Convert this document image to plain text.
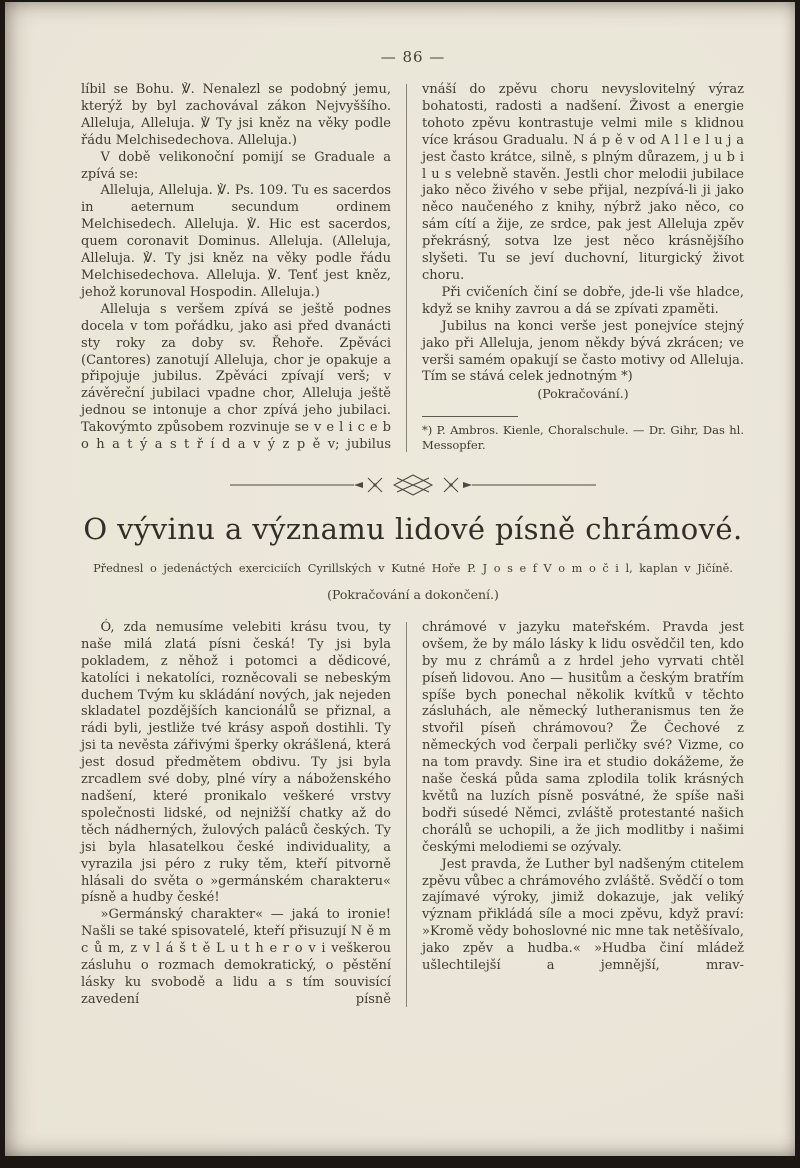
— 86 —

líbil se Bohu. ℣. Nenalezl se podobný jemu, kterýž by byl zachovával zákon Nejvyššího. Alleluja, Alleluja. ℣ Ty jsi kněz na věky podle řádu Melchisedechova. Alleluja.)

V době velikonoční pomijí se Graduale a zpívá se:

Alleluja, Alleluja. ℣. Ps. 109. Tu es sacerdos in aeternum secundum ordinem Melchisedech. Alleluja. ℣. Hic est sacerdos, quem coronavit Dominus. Alleluja. (Alleluja, Alleluja. ℣. Ty jsi kněz na věky podle řádu Melchisedechova. Alleluja. ℣. Tenť jest kněz, jehož korunoval Hospodin. Alleluja.)

Alleluja s veršem zpívá se ještě podnes docela v tom pořádku, jako asi před dvanácti sty roky za doby sv. Řehoře. Zpěváci (Cantores) zanotují Alleluja, chor je opakuje a připojuje jubilus. Zpěváci zpívají verš; v závěreční jubilaci vpadne chor, Alleluja ještě jednou se intonuje a chor zpívá jeho jubilaci. Takovýmto způsobem rozvinuje se v e l i c e b o h a t ý a s t ř í d a v ý z p ě v; jubilus

vnáší do zpěvu choru nevyslovitelný výraz bohatosti, radosti a nadšení. Živost a energie tohoto zpěvu kontrastuje velmi mile s klidnou více krásou Gradualu. N á p ě v od A l l e l u j a jest často krátce, silně, s plným důrazem, j u b i l u s velebně stavěn. Jestli chor melodii jubilace jako něco živého v sebe přijal, nezpívá-li ji jako něco naučeného z knihy, nýbrž jako něco, co sám cítí a žije, ze srdce, pak jest Alleluja zpěv překrásný, sotva lze jest něco krásnějšího slyšeti. Tu se jeví duchovní, liturgický život choru.

Při cvičeních činí se dobře, jde-li vše hladce, když se knihy zavrou a dá se zpívati zpaměti.

Jubilus na konci verše jest ponejvíce stejný jako při Alleluja, jenom někdy bývá zkrácen; ve verši samém opakují se často motivy od Alleluja. Tím se stává celek jednotným *)

(Pokračování.)

*) P. Ambros. Kienle, Choralschule. — Dr. Gihr, Das hl. Messopfer.

O vývinu a významu lidové písně chrámové.

Přednesl o jedenáctých exerciciích Cyrillských v Kutné Hoře P. J o s e f V o m o č i l, kaplan v Jičíně.

(Pokračování a dokončení.)

Ó, zda nemusíme velebiti krásu tvou, ty naše milá zlatá písni česká! Ty jsi byla pokladem, z něhož i potomci a dědicové, katolíci i nekatolíci, rozněcovali se nebeským duchem Tvým ku skládání nových, jak nejeden skladatel pozdějších kancionálů se přiznal, a rádi byli, jestliže tvé krásy aspoň dostihli. Ty jsi ta nevěsta zářivými šperky okrášlená, která jest dosud předmětem obdivu. Ty jsi byla zrcadlem své doby, plné víry a náboženského nadšení, které pronikalo veškeré vrstvy společnosti lidské, od nejnižší chatky až do těch nádherných, žulových paláců českých. Ty jsi byla hlasatelkou české individuality, a vyrazila jsi péro z ruky těm, kteří pitvorně hlásali do světa o »germánském charakteru« písně a hudby české!

»Germánský charakter« — jaká to ironie! Našli se také spisovatelé, kteří přisuzují N ě m c ů m, z v l á š t ě L u t h e r o v i veškerou zásluhu o rozmach demokratický, o pěstění lásky ku svobodě a lidu a s tím souvisící zavedení písně

chrámové v jazyku mateřském. Pravda jest ovšem, že by málo lásky k lidu osvědčil ten, kdo by mu z chrámů a z hrdel jeho vyrvati chtěl píseň lidovou. Ano — husitům a českým bratřím spíše bych ponechal několik kvítků v těchto zásluhách, ale německý lutheranismus ten že stvořil píseň chrámovou? Že Čechové z německých vod čerpali perličky své? Vizme, co na tom pravdy. Sine ira et studio dokážeme, že naše česká půda sama zplodila tolik krásných květů na luzích písně posvátné, že spíše naši bodři súsedé Němci, zvláště protestanté našich chorálů se uchopili, a že jich modlitby i našimi českými melodiemi se ozývaly.

Jest pravda, že Luther byl nadšeným ctitelem zpěvu vůbec a chrámového zvláště. Svědčí o tom zajímavé výroky, jimiž dokazuje, jak veliký význam přikládá síle a moci zpěvu, když praví: »Kromě vědy bohoslovné nic mne tak netěšívalo, jako zpěv a hudba.« »Hudba činí mládež ušlechtilejší a jemnější, mrav-
